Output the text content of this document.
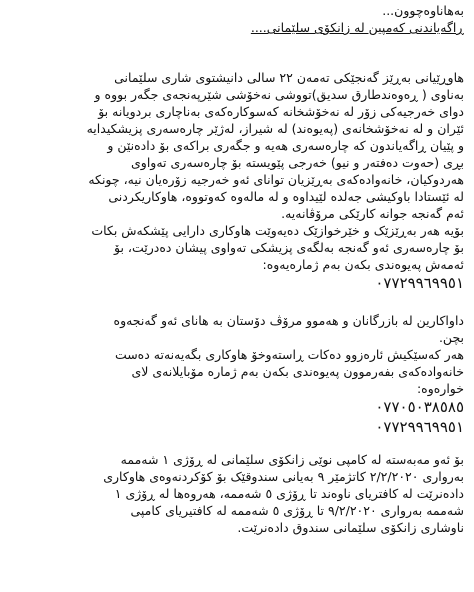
بەهاناوەچوون...
ڕاگەیاندنی کەمپین لە زانکۆی سلێمانی....
هاوڕێیانی بەڕێز گەنجێکی تەمەن ٢٢ سالی دانیشتوی شاری سلێمانی
بەناوی ( ڕەوەندطارق سدیق)تووشی نەخۆشی شێرپەنجەی جگەر بووە و
دوای خەرجیەکی زۆر لە نەخۆشخانە کەسوکارەکەی بەناچاری بردویانە بۆ
ئێران و لە نەخۆشخانەی (پەیوەند) لە شیراز، لەژێر چارەسەری پزیشکیدایە
و پێیان ڕاگەیاندون کە چارەسەری هەیە و جگەری براکەی بۆ دادەنێن و
بڕی (حەوت دەفتەر و نیو) خەرجی پێویستە بۆ چارەسەری تەواوی
هەردوکیان، خانەوادەکەی بەڕێزیان توانای ئەو خەرجیە زۆرەیان نیە، چونکە
لە ئێستادا باوکیشی جەلدە لێیداوە و لە مالەوە کەوتووە، هاوکاریکردنی
ئەم گەنجە جوانە کارێکی مرۆڤانەیە.
بۆیە هەر بەڕێزێک و خێرخوازێک دەیەوێت هاوکاری دارایی پێشکەش بکات
بۆ چارەسەری ئەو گەنجە بەلگەی پزیشکی تەواوی پیشان دەدرێت، بۆ
ئەمەش پەیوەندی بکەن بەم ژمارەیەوە:
٠٧٧٢٩٩٦٩٩٥١
داواکارین لە بازرگانان و هەموو مرۆڤ دۆستان بە هانای ئەو گەنجەوە
بچن.
هەر کەسێکیش ئارەزوو دەکات ڕاستەوخۆ هاوکاری بگەیەنەتە دەست
خانەوادەکەی بفەرموون پەیوەندی بکەن بەم ژمارە مۆبایلانەی لای
خوارەوە:
٠٧٧٠٥٠٣٨٥٨٥
٠٧٧٢٩٩٦٩٩٥١
بۆ ئەو مەبەستە لە کامپی نوێی زانکۆی سلێمانی لە ڕۆژی ١ شەممە
بەرواری ٢/٢/٢٠٢٠ کاتژمێر ٩ بەیانی سندوقێک بۆ کۆکردنەوەی هاوکاری
دادەنرێت لە کافتریای ناوەند تا ڕۆژی ٥ شەممە، هەروەها لە ڕۆژی ١
شەممە بەرواری ٩/٢/٢٠٢٠ تا ڕۆژی ٥ شەممە لە کافتیریای کامپی
ناوشاری زانکۆی سلێمانی سندوق دادەنرێت.
